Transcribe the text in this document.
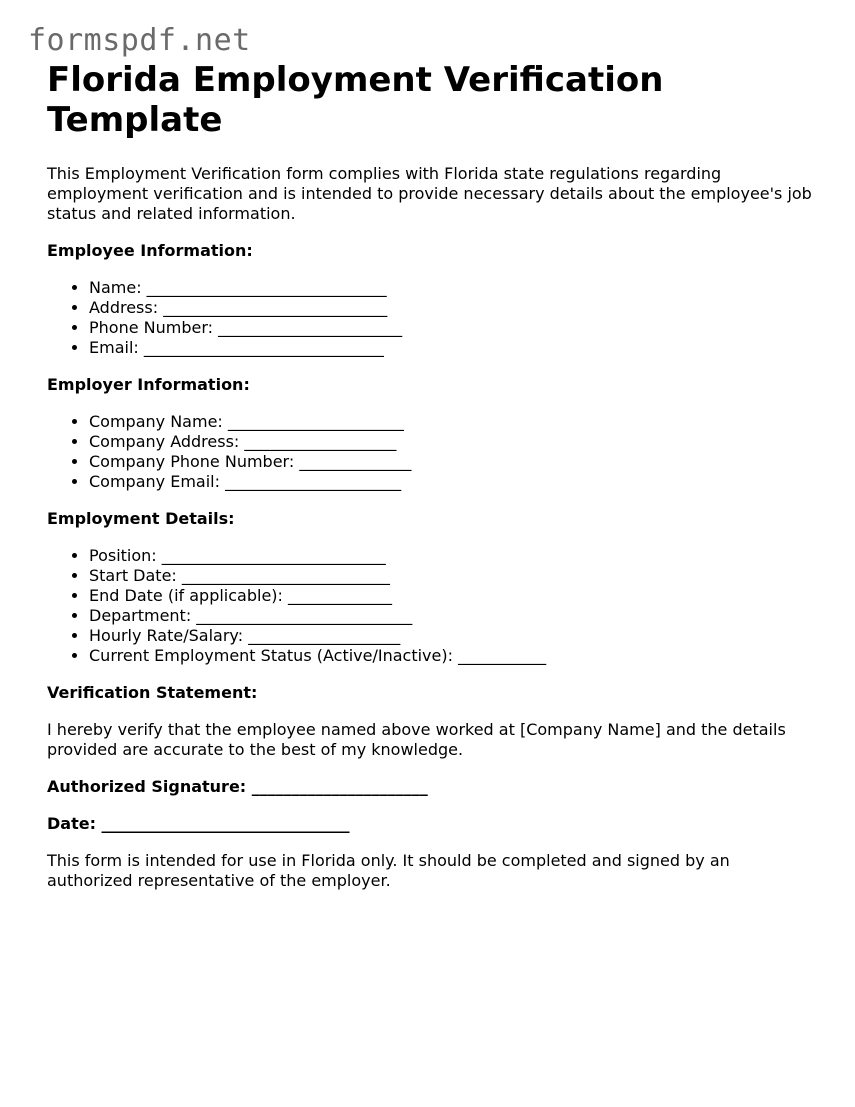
formspdf.net
Florida Employment Verification Template

This Employment Verification form complies with Florida state regulations regarding employment verification and is intended to provide necessary details about the employee's job status and related information.

Employee Information:

• Name: ______________________________
• Address: ____________________________
• Phone Number: _______________________
• Email: ______________________________

Employer Information:

• Company Name: ______________________
• Company Address: ___________________
• Company Phone Number: ______________
• Company Email: ______________________

Employment Details:

• Position: ____________________________
• Start Date: __________________________
• End Date (if applicable): _____________
• Department: ___________________________
• Hourly Rate/Salary: ___________________
• Current Employment Status (Active/Inactive): ___________

Verification Statement:

I hereby verify that the employee named above worked at [Company Name] and the details provided are accurate to the best of my knowledge.

Authorized Signature: ______________________

Date: _______________________________

This form is intended for use in Florida only. It should be completed and signed by an authorized representative of the employer.
